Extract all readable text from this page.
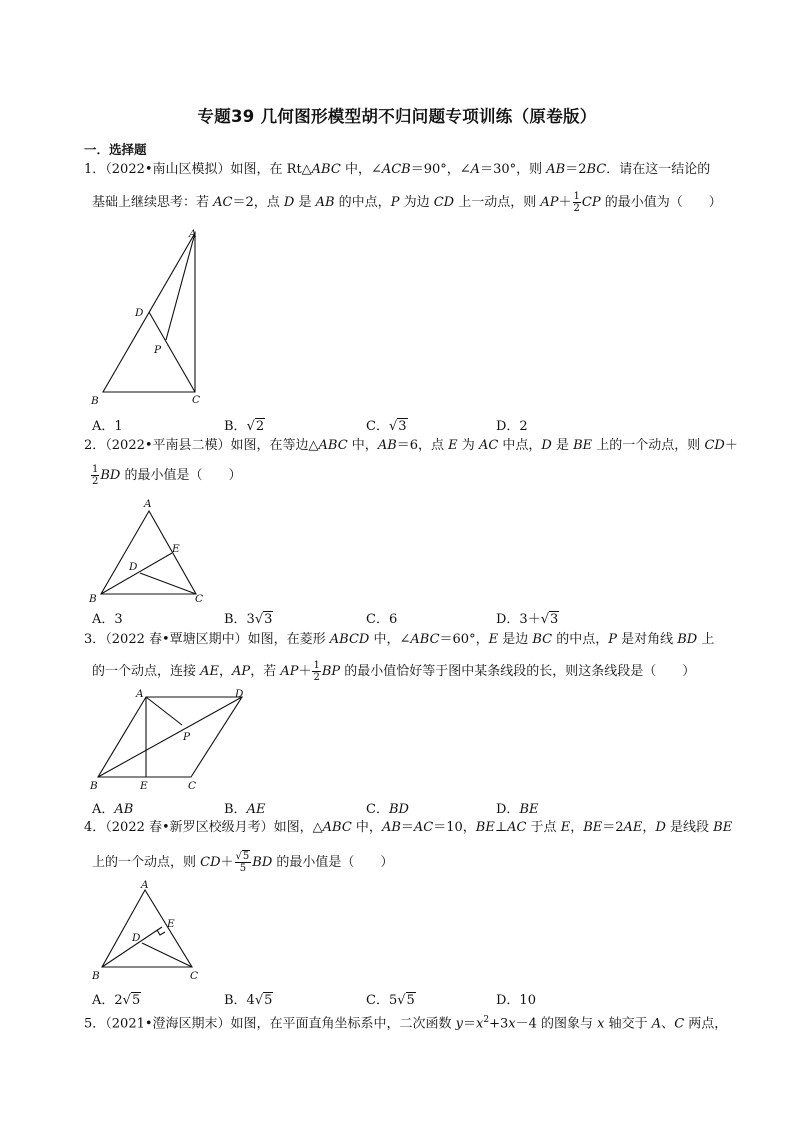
专题39 几何图形模型胡不归问题专项训练（原卷版）
一．选择题
1．（2022•南山区模拟）如图，在 Rt△ABC 中，∠ACB＝90°，∠A＝30°，则 AB＝2BC．请在这一结论的
基础上继续思考：若 AC＝2，点 D 是 AB 的中点，P 为边 CD 上一动点，则 $AP+ \frac{1}{2}$ CP 的最小值为（　　）
A
B	C
D
P
A．1	B．√2	C．√3	D．2
2．（2022•平南县二模）如图，在等边△ABC 中，AB＝6，点 E 为 AC 中点，D 是 BE 上的一个动点，则 CD＋
$\frac{1}{2}$ BD 的最小值是（　　）
A
B	C
D
E
A．3	B．3√3	C．6	D．3＋√3
3．（2022 春•覃塘区期中）如图，在菱形 ABCD 中，∠ABC＝60°，E 是边 BC 的中点，P 是对角线 BD 上
的一个动点，连接 AE，AP，若 $AP+ \frac{1}{2}$ BP 的最小值恰好等于图中某条线段的长，则这条线段是（　　）
A	D
B	C
E
P
A．AB	B．AE	C．BD	D．BE
4．（2022 春•新罗区校级月考）如图，△ABC 中，AB＝AC＝10，BE⊥AC 于点 E，BE＝2AE，D 是线段 BE
上的一个动点，则 $CD+ \frac{√5}{5}$ BD 的最小值是（　　）
A
B	C
D
E
A．2√5	B．4√5	C．5√5	D．10
5．（2021•澄海区期末）如图，在平面直角坐标系中，二次函数 $y=x^2+3x-4$ 的图象与 x 轴交于 A、C 两点，
